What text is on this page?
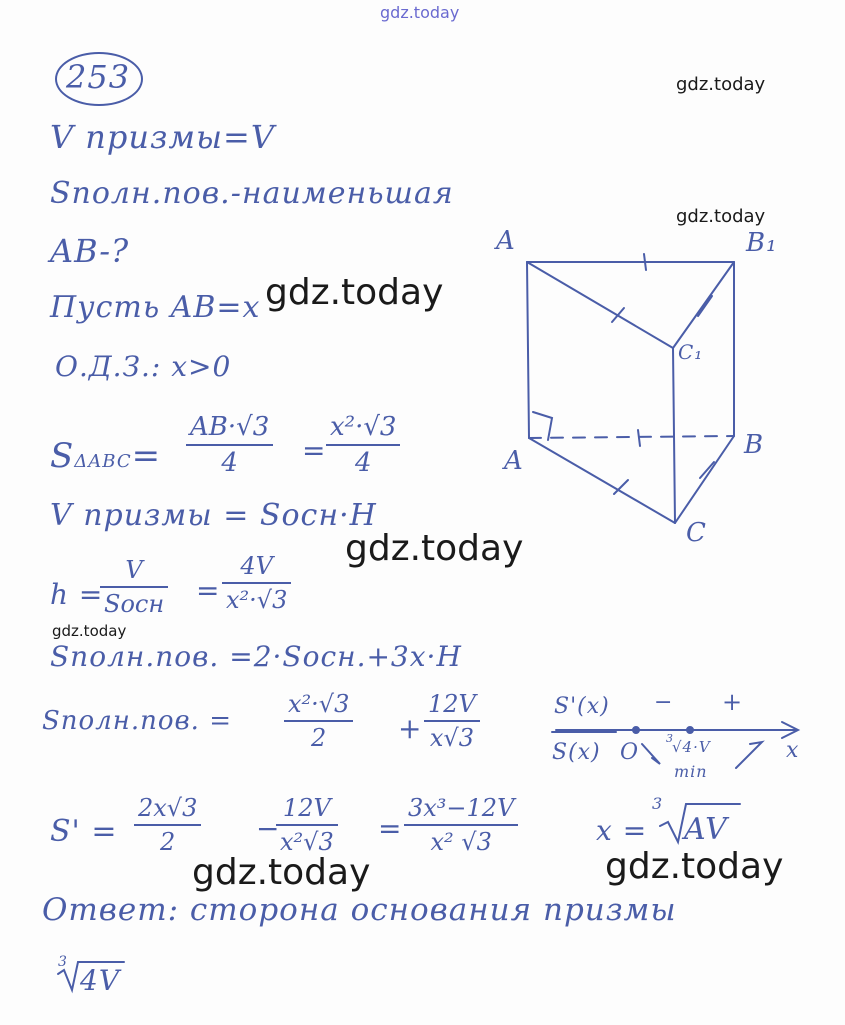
gdz.today
gdz.today
gdz.today
gdz.today
gdz.today
gdz.today
gdz.today	gdz.today
253
V призмы=V
Sполн.пов.-наименьшая
AB-?
Пусть AB=x
О.Д.З.: x>0
SΔABC=
AB·√3
4 =
x²·√3
4
V призмы = Sосн·H
h =
V
Sосн =
4V
x²·√3
Sполн.пов. =2·Sосн.+3x·H
Sполн.пов. =
x²·√3
2	+
12V
x√3
S' =
2x√3
2	−
12V
x²√3 =
3x³−12V
x² √3	x =
3
AV
Ответ: сторона основания призмы
3
4V
A	B₁
C₁
A
B
C
S'(x)
S(x) O
− +
3
√4·V
min
x
